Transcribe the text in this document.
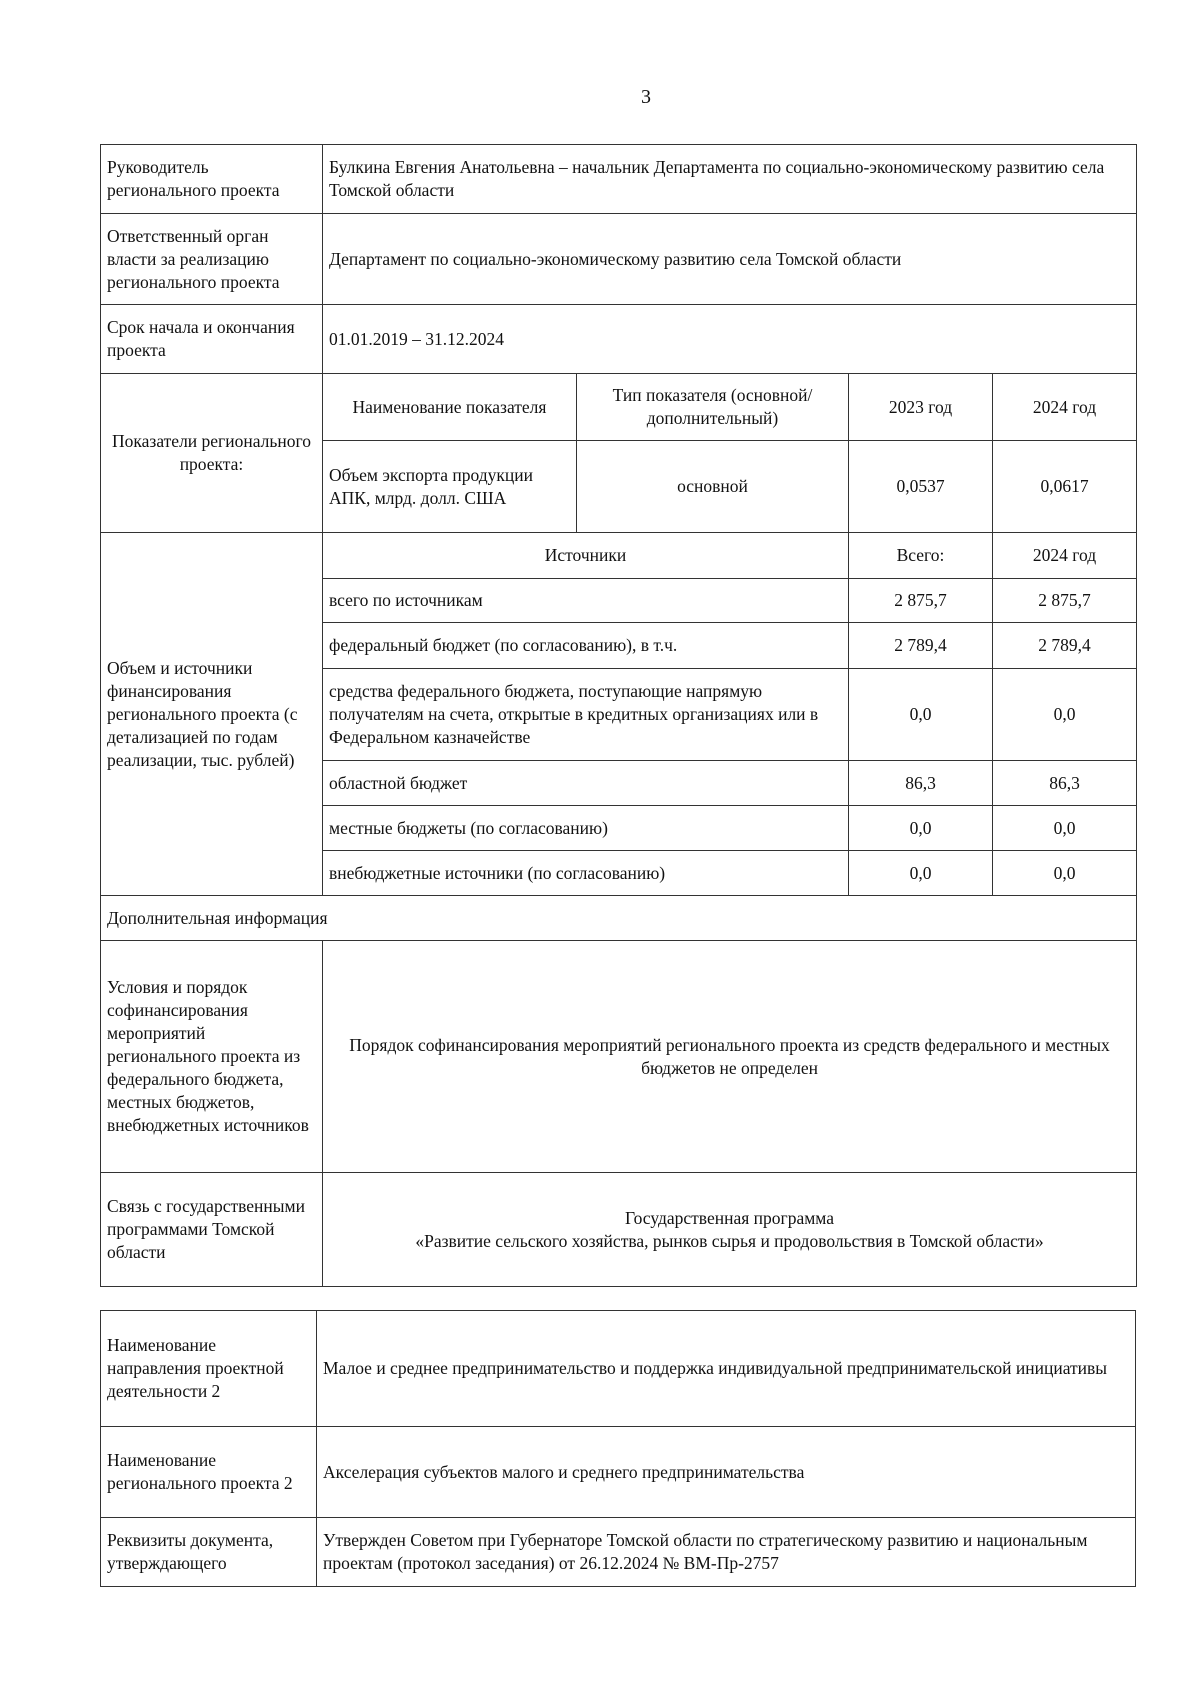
3
Руководитель регионального проекта	Булкина Евгения Анатольевна – начальник Департамента по социально-экономическому развитию села Томской области			
Ответственный орган власти за реализацию регионального проекта	Департамент по социально-экономическому развитию села Томской области			
Срок начала и окончания проекта	01.01.2019 – 31.12.2024			
Показатели регионального проекта:	Наименование показателя	Тип показателя (основной/ дополнительный)	2023 год	2024 год
	Объем экспорта продукции АПК, млрд. долл. США	основной	0,0537	0,0617
Объем и источники финансирования регионального проекта (с детализацией по годам реализации, тыс. рублей)	Источники		Всего:	2024 год
	всего по источникам		2 875,7	2 875,7
	федеральный бюджет (по согласованию), в т.ч.		2 789,4	2 789,4
	средства федерального бюджета, поступающие напрямую получателям на счета, открытые в кредитных организациях или в Федеральном казначействе		0,0	0,0
	областной бюджет		86,3	86,3
	местные бюджеты (по согласованию)		0,0	0,0
	внебюджетные источники (по согласованию)		0,0	0,0
Дополнительная информация				
Условия и порядок софинансирования мероприятий регионального проекта из федерального бюджета, местных бюджетов, внебюджетных источников	Порядок софинансирования мероприятий регионального проекта из средств федерального и местных бюджетов не определен			
Связь с государственными программами Томской области	Государственная программа
«Развитие сельского хозяйства, рынков сырья и продовольствия в Томской области»			
Наименование направления проектной деятельности 2	Малое и среднее предпринимательство и поддержка индивидуальной предпринимательской инициативы
Наименование регионального проекта 2	Акселерация субъектов малого и среднего предпринимательства
Реквизиты документа, утверждающего	Утвержден Советом при Губернаторе Томской области по стратегическому развитию и национальным проектам (протокол заседания) от 26.12.2024 № ВМ-Пр-2757
